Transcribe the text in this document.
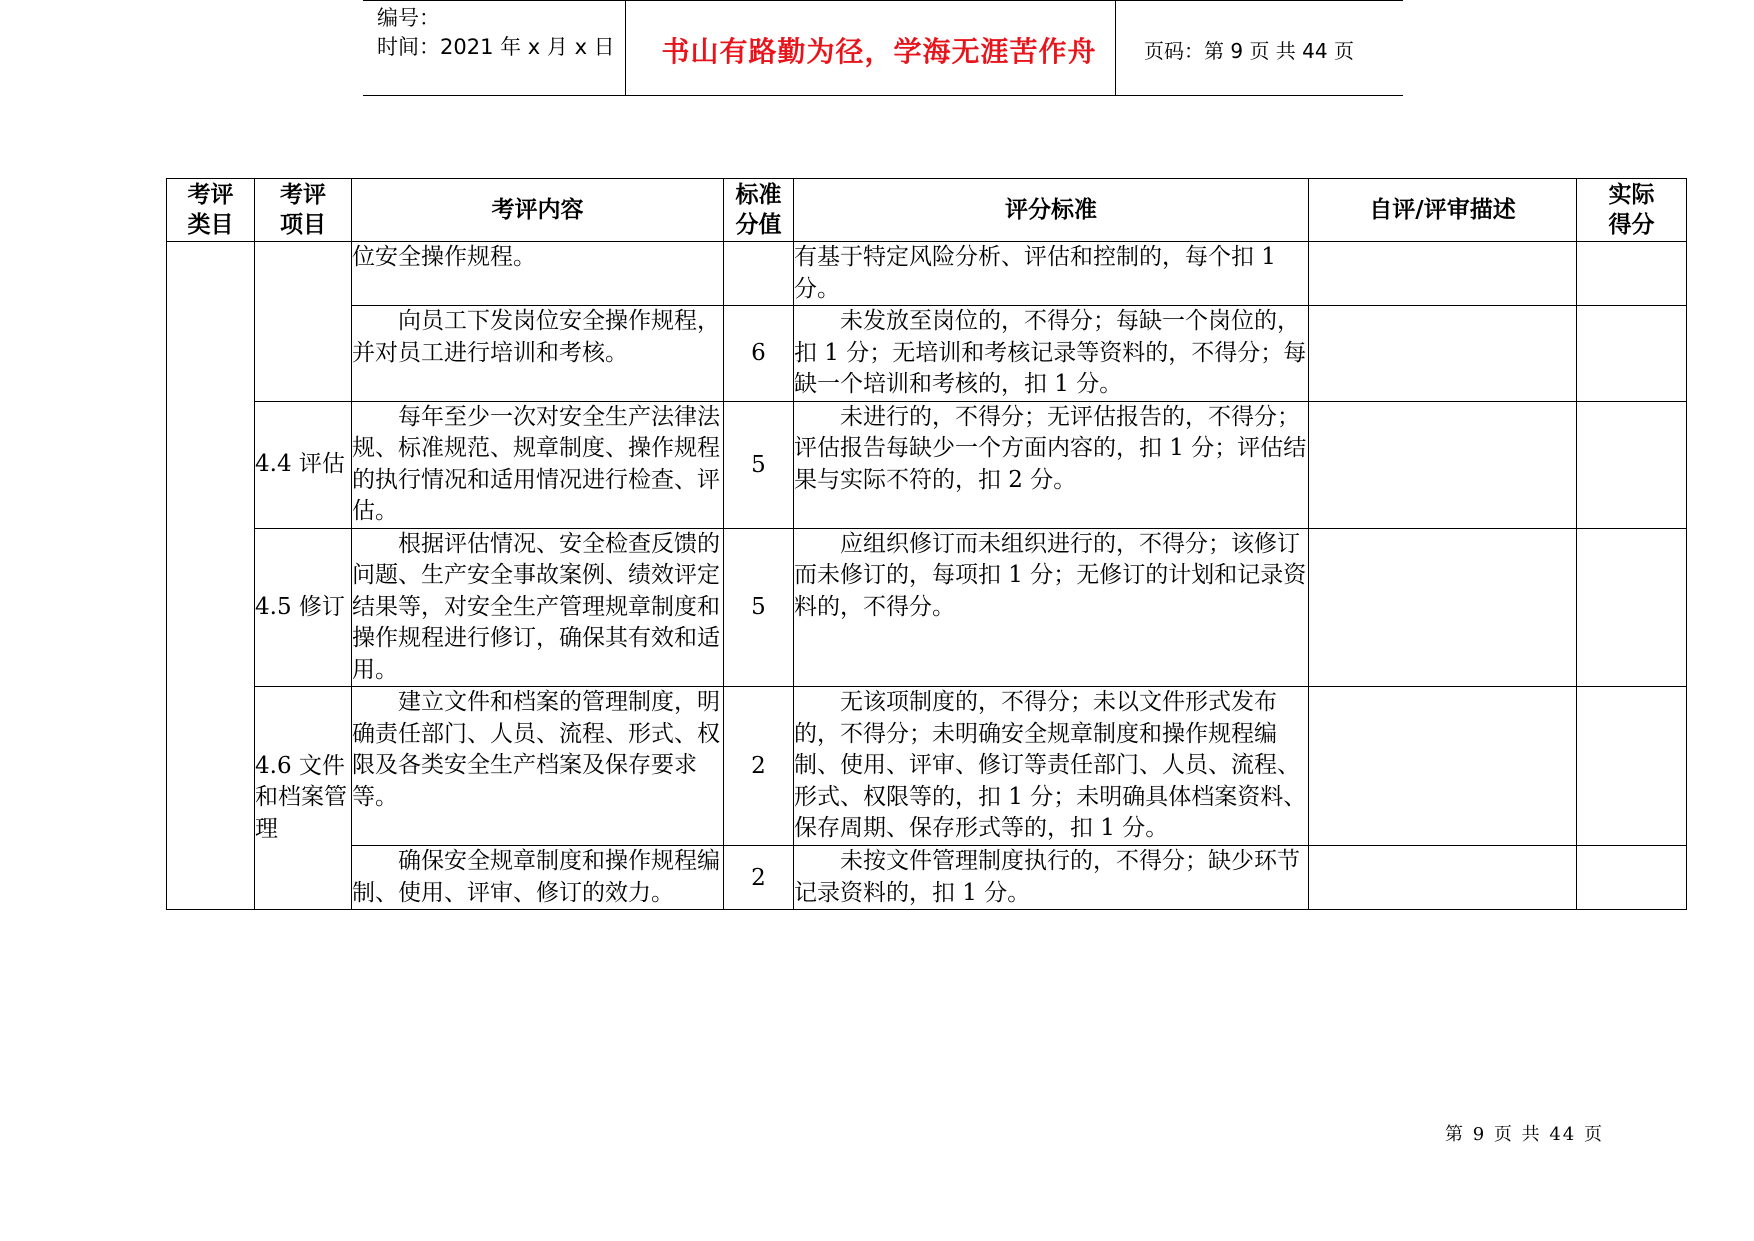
编号：
时间：2021 年 x 月 x 日	书山有路勤为径，学海无涯苦作舟	页码：第 9 页 共 44 页
考评类目	考评项目	考评内容	标准分值	评分标准	自评/评审描述	实际得分
		位安全操作规程。		有基于特定风险分析、评估和控制的，每个扣 1 分。		
		向员工下发岗位安全操作规程，并对员工进行培训和考核。	6	未发放至岗位的，不得分；每缺一个岗位的，扣 1 分；无培训和考核记录等资料的，不得分；每缺一个培训和考核的，扣 1 分。		
	4.4 评估	每年至少一次对安全生产法律法规、标准规范、规章制度、操作规程的执行情况和适用情况进行检查、评估。	5	未进行的，不得分；无评估报告的，不得分；评估报告每缺少一个方面内容的，扣 1 分；评估结果与实际不符的，扣 2 分。		
	4.5 修订	根据评估情况、安全检查反馈的问题、生产安全事故案例、绩效评定结果等，对安全生产管理规章制度和操作规程进行修订，确保其有效和适用。	5	应组织修订而未组织进行的，不得分；该修订而未修订的，每项扣 1 分；无修订的计划和记录资料的，不得分。		
	4.6 文件和档案管理	建立文件和档案的管理制度，明确责任部门、人员、流程、形式、权限及各类安全生产档案及保存要求等。	2	无该项制度的，不得分；未以文件形式发布的，不得分；未明确安全规章制度和操作规程编制、使用、评审、修订等责任部门、人员、流程、形式、权限等的，扣 1 分；未明确具体档案资料、保存周期、保存形式等的，扣 1 分。		
		确保安全规章制度和操作规程编制、使用、评审、修订的效力。	2	未按文件管理制度执行的，不得分；缺少环节记录资料的，扣 1 分。		
第 9 页 共 44 页
